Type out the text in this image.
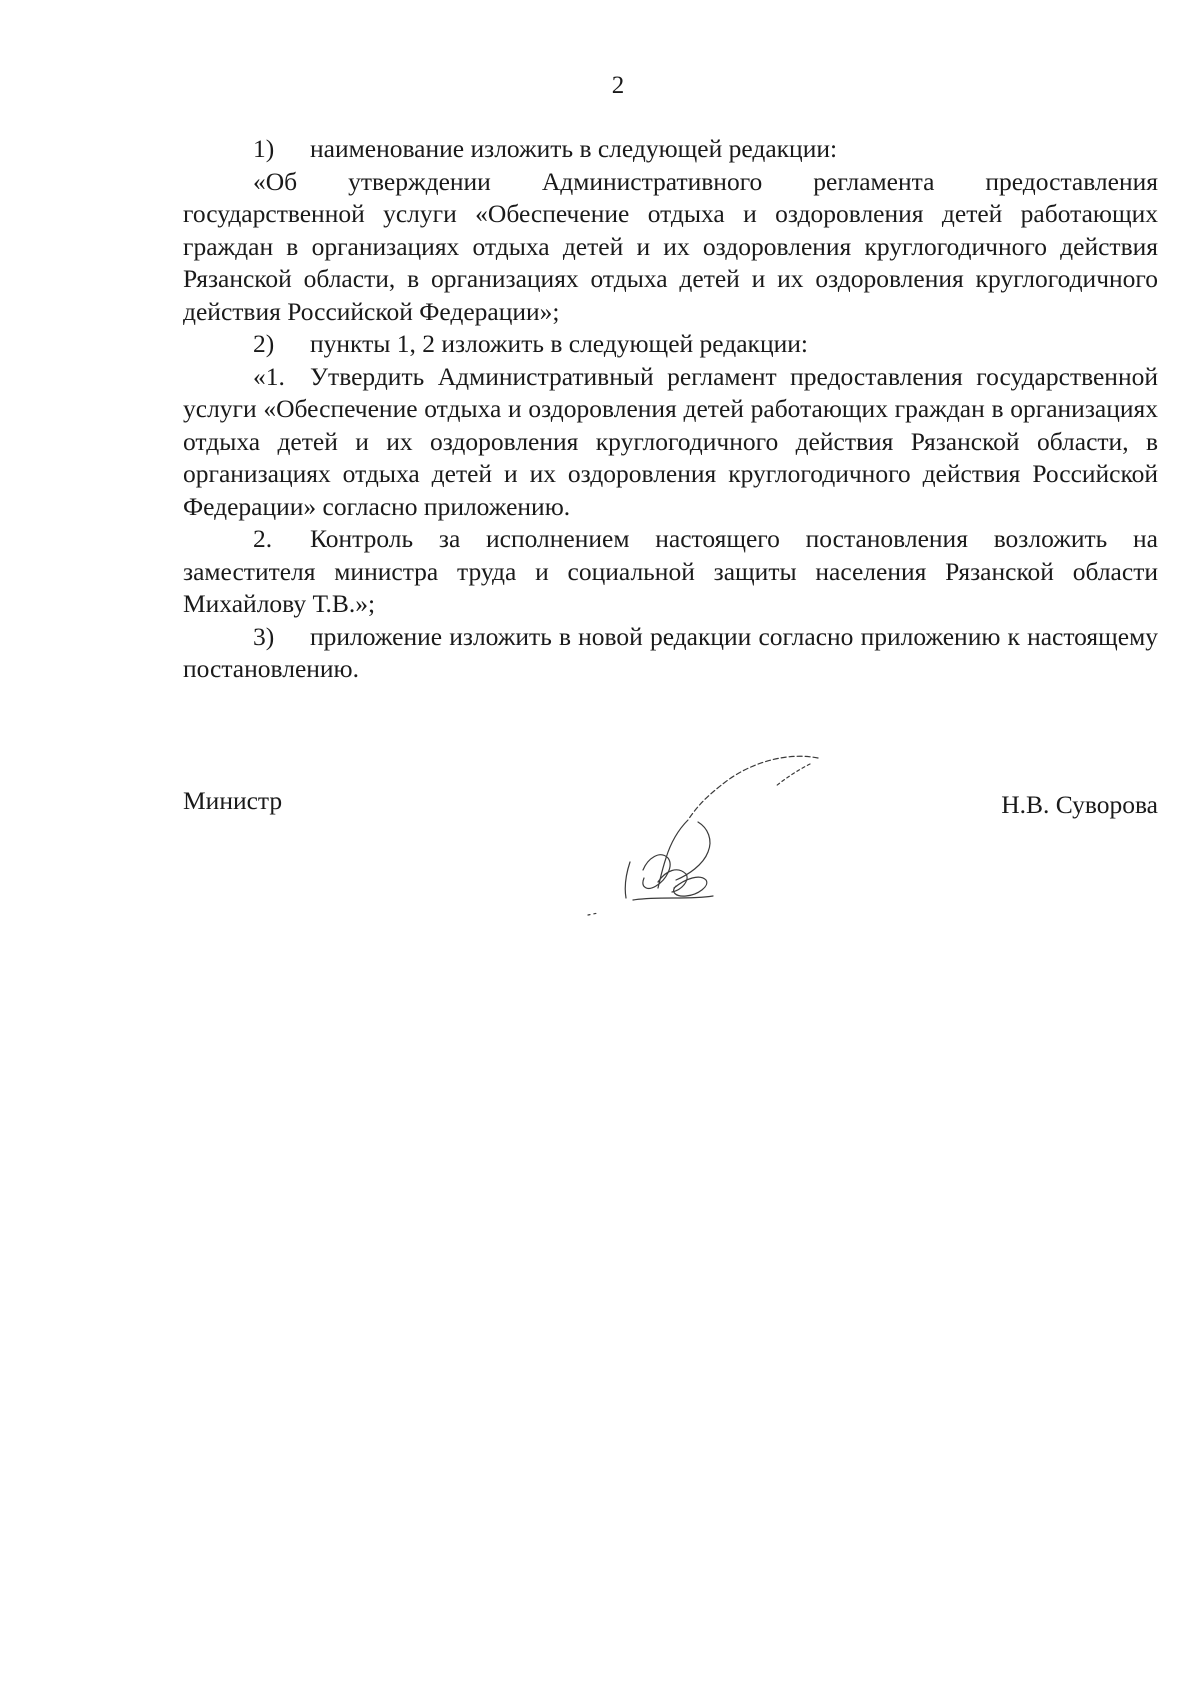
2

1) наименование изложить в следующей редакции:

«Об утверждении Административного регламента предоставления государственной услуги «Обеспечение отдыха и оздоровления детей работающих граждан в организациях отдыха детей и их оздоровления круглогодичного действия Рязанской области, в организациях отдыха детей и их оздоровления круглогодичного действия Российской Федерации»;

2) пункты 1, 2 изложить в следующей редакции:

«1. Утвердить Административный регламент предоставления государственной услуги «Обеспечение отдыха и оздоровления детей работающих граждан в организациях отдыха детей и их оздоровления круглогодичного действия Рязанской области, в организациях отдыха детей и их оздоровления круглогодичного действия Российской Федерации» согласно приложению.

2. Контроль за исполнением настоящего постановления возложить на заместителя министра труда и социальной защиты населения Рязанской области Михайлову Т.В.»;

3) приложение изложить в новой редакции согласно приложению к настоящему постановлению.

Министр	Н.В. Суворова
